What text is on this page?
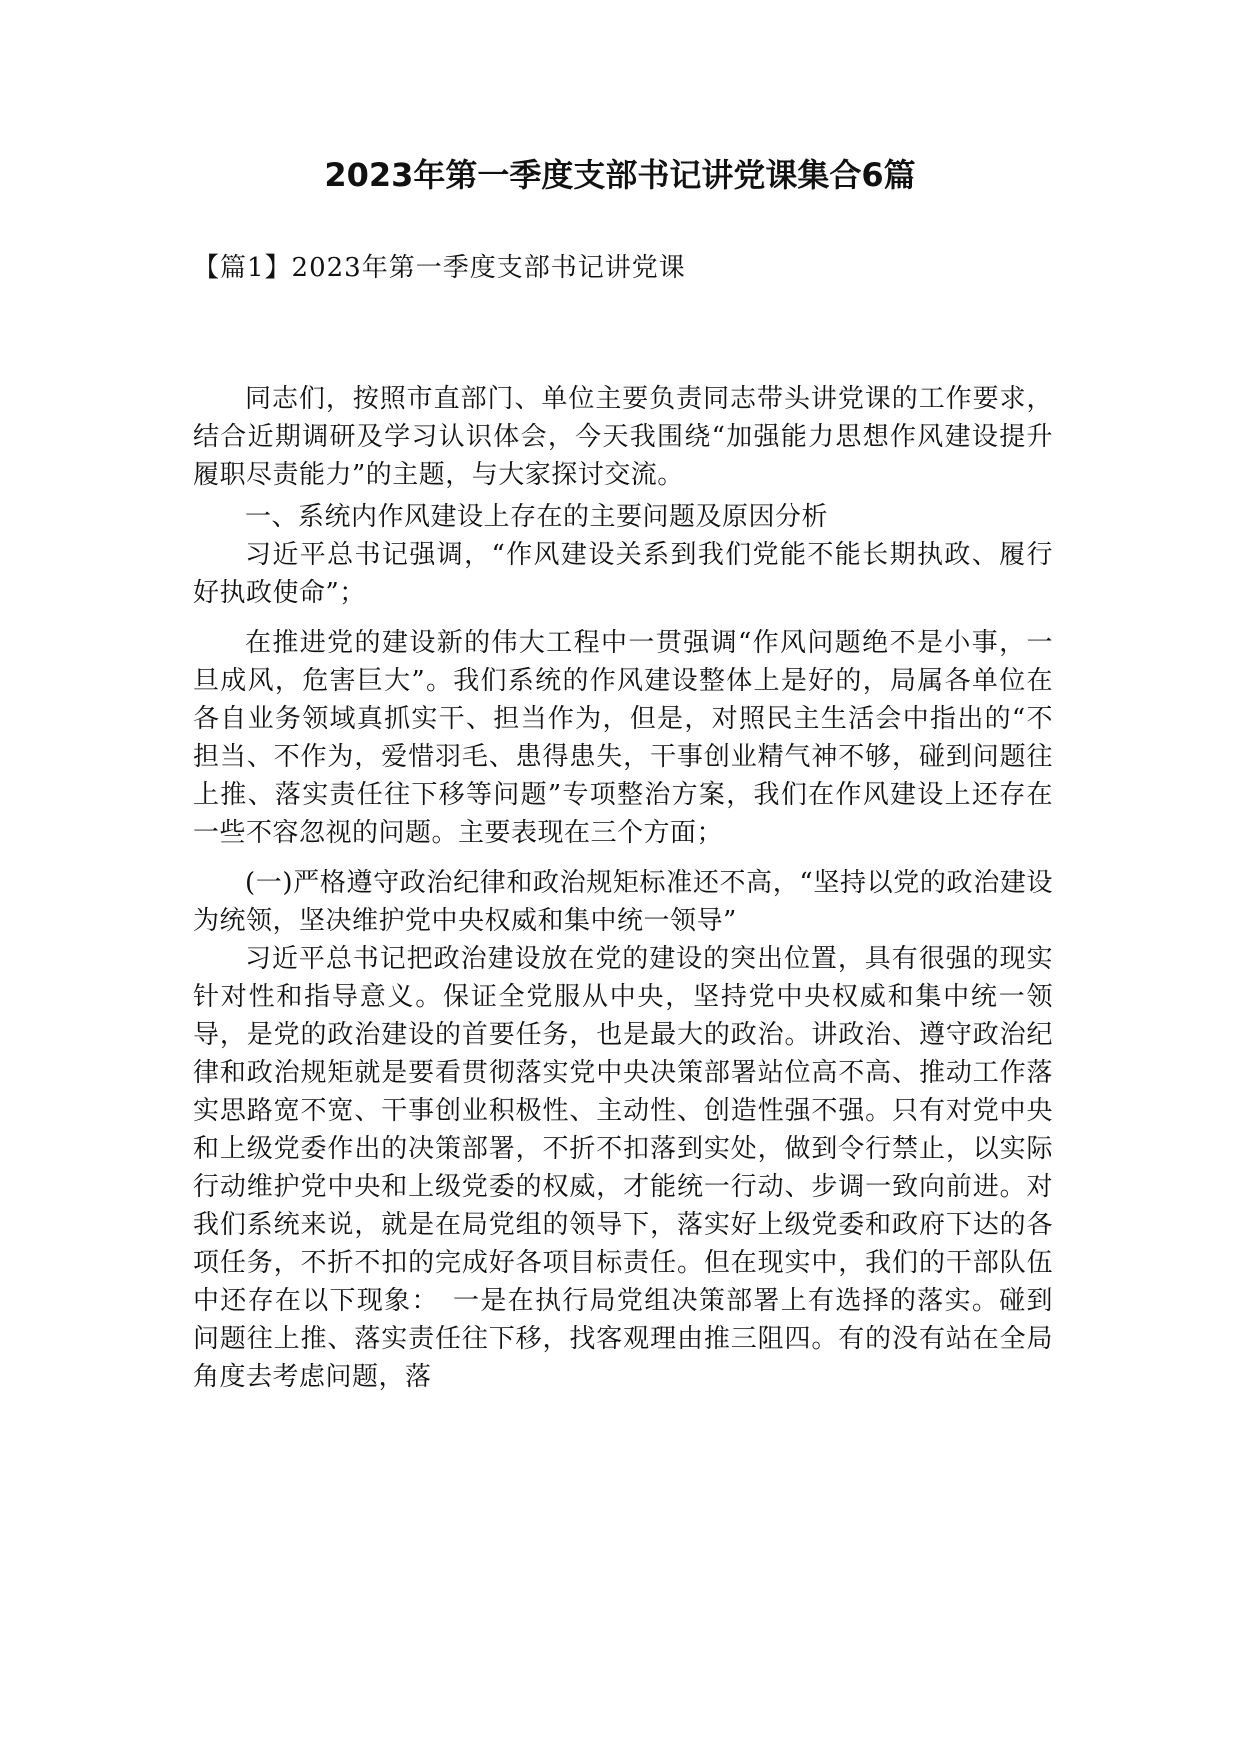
2023年第一季度支部书记讲党课集合6篇

【篇1】2023年第一季度支部书记讲党课

同志们，按照市直部门、单位主要负责同志带头讲党课的工作要求，结合近期调研及学习认识体会，今天我围绕“加强能力思想作风建设提升履职尽责能力”的主题，与大家探讨交流。

一、系统内作风建设上存在的主要问题及原因分析

习近平总书记强调，“作风建设关系到我们党能不能长期执政、履行好执政使命”；

在推进党的建设新的伟大工程中一贯强调“作风问题绝不是小事，一旦成风，危害巨大”。我们系统的作风建设整体上是好的，局属各单位在各自业务领域真抓实干、担当作为，但是，对照民主生活会中指出的“不担当、不作为，爱惜羽毛、患得患失，干事创业精气神不够，碰到问题往上推、落实责任往下移等问题”专项整治方案，我们在作风建设上还存在一些不容忽视的问题。主要表现在三个方面；

(一)严格遵守政治纪律和政治规矩标准还不高，“坚持以党的政治建设为统领，坚决维护党中央权威和集中统一领导”

习近平总书记把政治建设放在党的建设的突出位置，具有很强的现实针对性和指导意义。保证全党服从中央，坚持党中央权威和集中统一领导，是党的政治建设的首要任务，也是最大的政治。讲政治、遵守政治纪律和政治规矩就是要看贯彻落实党中央决策部署站位高不高、推动工作落实思路宽不宽、干事创业积极性、主动性、创造性强不强。只有对党中央和上级党委作出的决策部署，不折不扣落到实处，做到令行禁止，以实际行动维护党中央和上级党委的权威，才能统一行动、步调一致向前进。对我们系统来说，就是在局党组的领导下，落实好上级党委和政府下达的各项任务，不折不扣的完成好各项目标责任。但在现实中，我们的干部队伍中还存在以下现象：　一是在执行局党组决策部署上有选择的落实。碰到问题往上推、落实责任往下移，找客观理由推三阻四。有的没有站在全局角度去考虑问题，落
